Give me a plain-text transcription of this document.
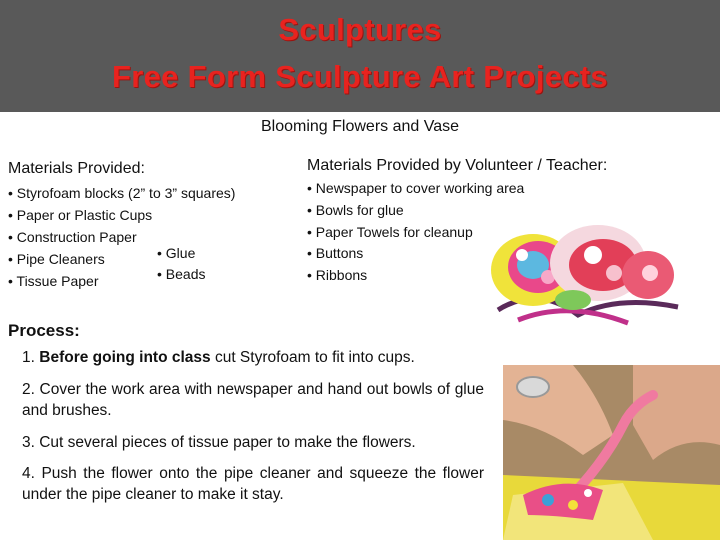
Sculptures
Free Form Sculpture Art Projects
Blooming Flowers and Vase
Materials Provided:
• Styrofoam blocks (2” to 3” squares)
• Paper or Plastic Cups
• Construction Paper
• Pipe Cleaners
• Tissue Paper
• Glue
• Beads
Materials Provided by Volunteer / Teacher:
• Newspaper to cover working area
• Bowls for glue
• Paper Towels for cleanup
• Buttons
• Ribbons
Process:
1. Before going into class cut Styrofoam to fit into cups.
2. Cover the work area with newspaper and hand out bowls of glue and brushes.
3. Cut several pieces of tissue paper to make the flowers.
4. Push the flower onto the pipe cleaner and squeeze the flower under the pipe cleaner to make it stay.
